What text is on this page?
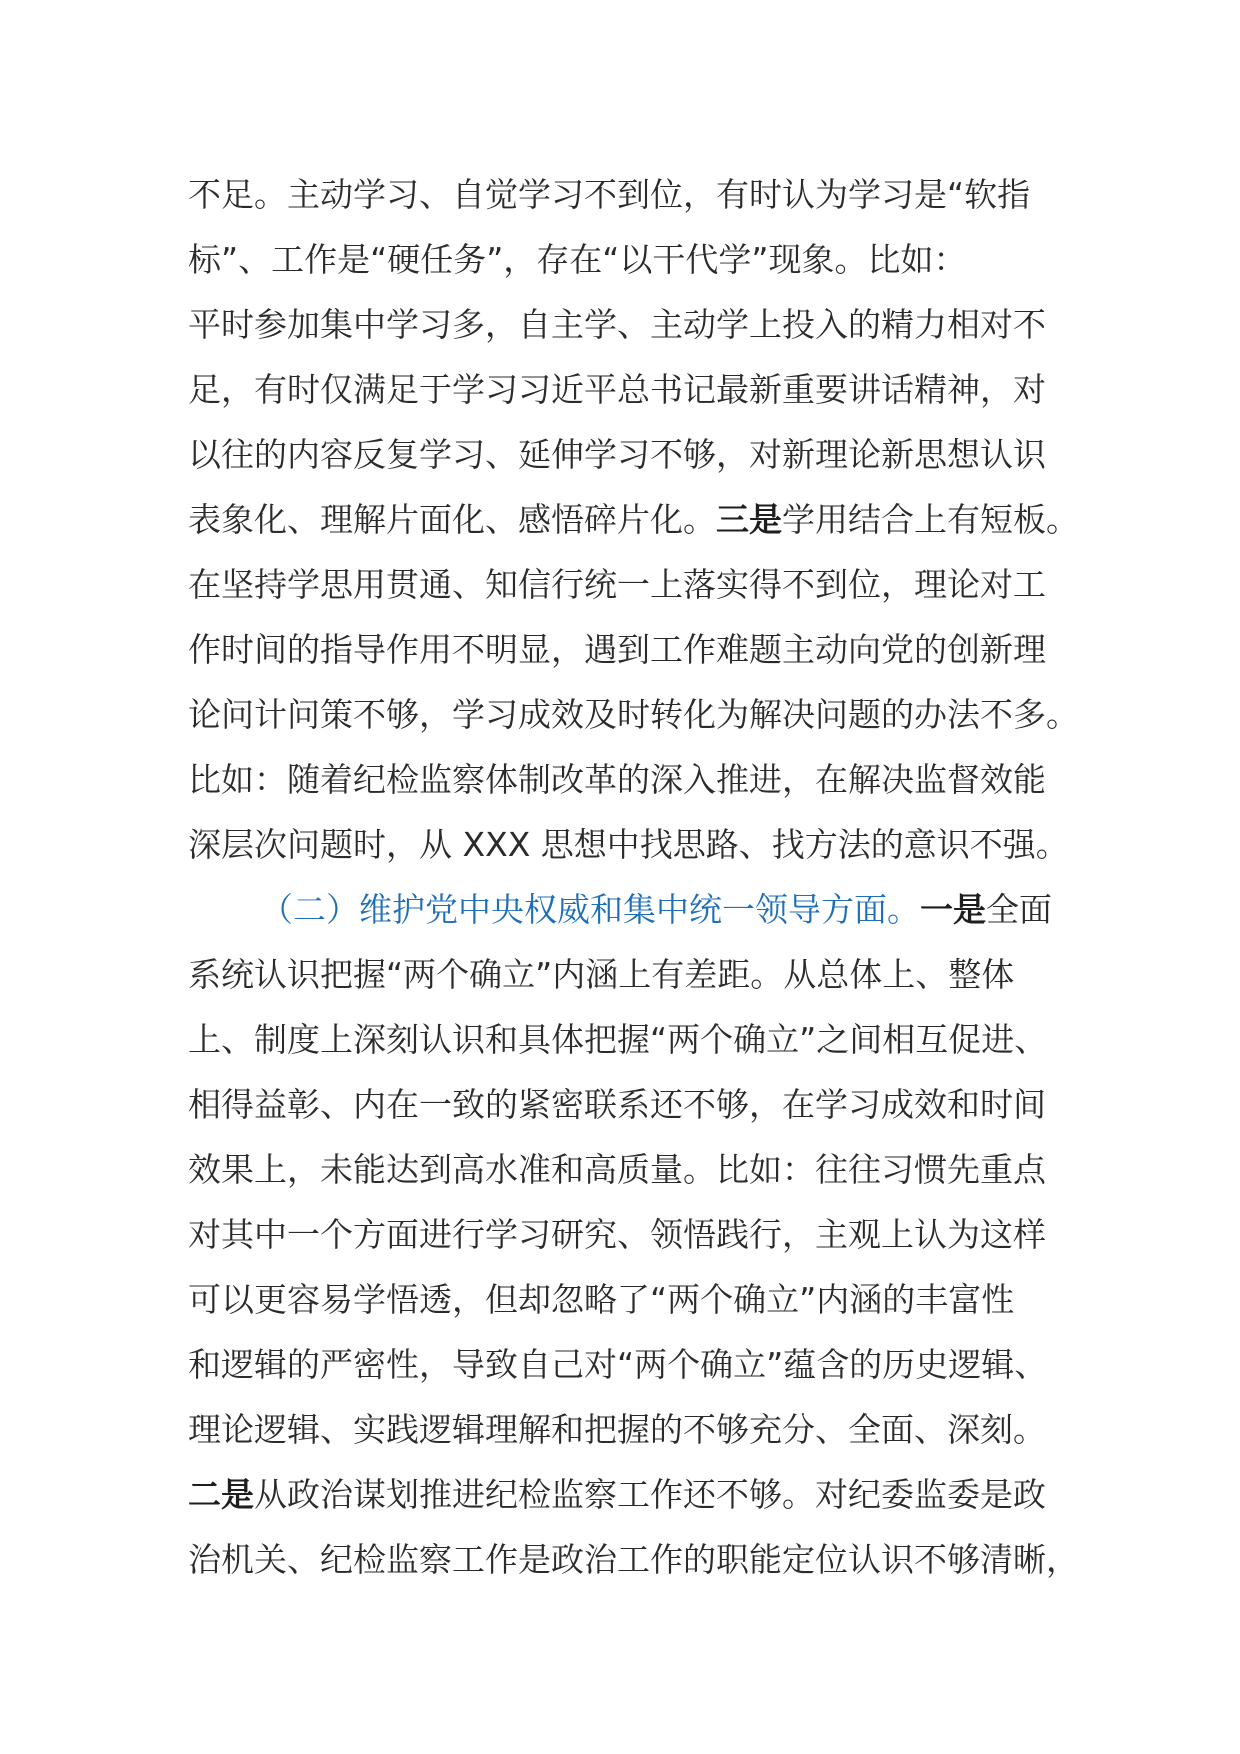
不足。主动学习、自觉学习不到位，有时认为学习是“软指
标”、工作是“硬任务”，存在“以干代学”现象。比如：
平时参加集中学习多，自主学、主动学上投入的精力相对不
足，有时仅满足于学习习近平总书记最新重要讲话精神，对
以往的内容反复学习、延伸学习不够，对新理论新思想认识
表象化、理解片面化、感悟碎片化。三是学用结合上有短板。
在坚持学思用贯通、知信行统一上落实得不到位，理论对工
作时间的指导作用不明显，遇到工作难题主动向党的创新理
论问计问策不够，学习成效及时转化为解决问题的办法不多。
比如：随着纪检监察体制改革的深入推进，在解决监督效能
深层次问题时，从 XXX 思想中找思路、找方法的意识不强。
（二）维护党中央权威和集中统一领导方面。一是全面
系统认识把握“两个确立”内涵上有差距。从总体上、整体
上、制度上深刻认识和具体把握“两个确立”之间相互促进、
相得益彰、内在一致的紧密联系还不够，在学习成效和时间
效果上，未能达到高水准和高质量。比如：往往习惯先重点
对其中一个方面进行学习研究、领悟践行，主观上认为这样
可以更容易学悟透，但却忽略了“两个确立”内涵的丰富性
和逻辑的严密性，导致自己对“两个确立”蕴含的历史逻辑、
理论逻辑、实践逻辑理解和把握的不够充分、全面、深刻。
二是从政治谋划推进纪检监察工作还不够。对纪委监委是政
治机关、纪检监察工作是政治工作的职能定位认识不够清晰，
